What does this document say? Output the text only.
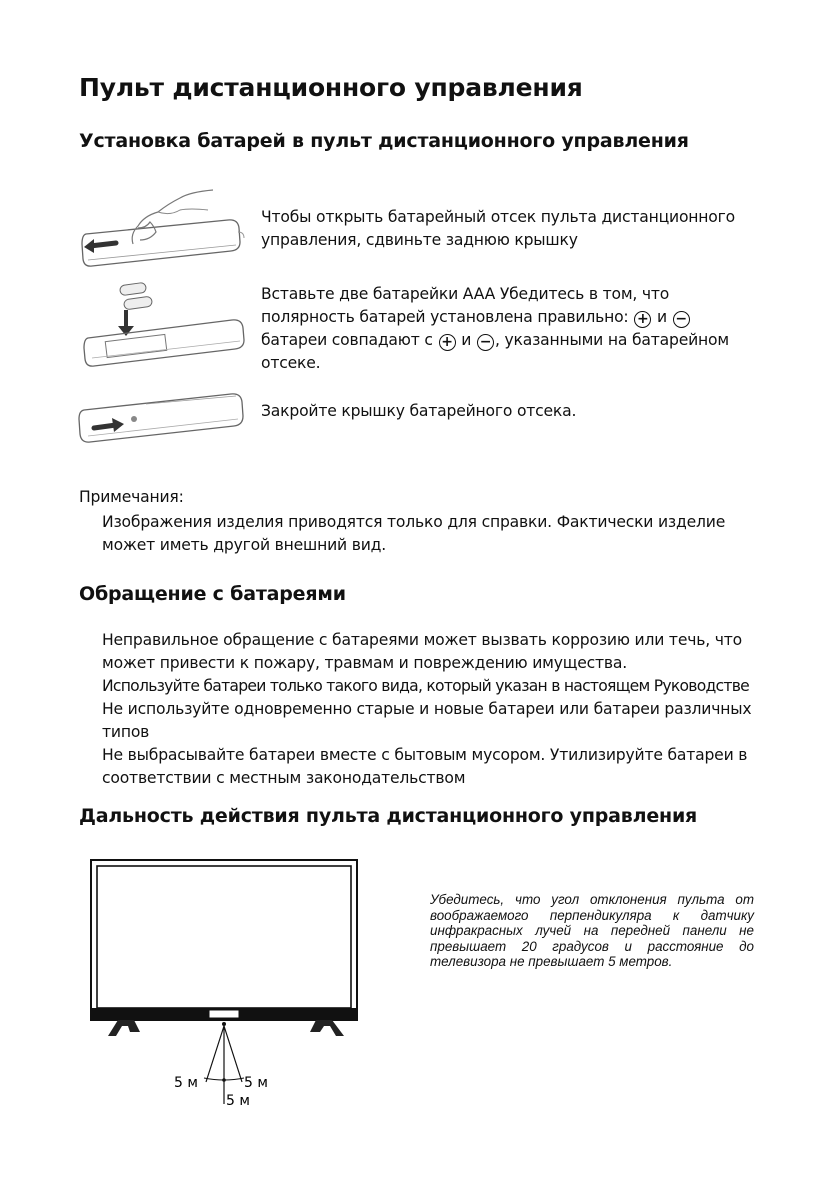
Пульт дистанционного управления
Установка батарей в пульт дистанционного управления
Чтобы открыть батарейный отсек пульта дистанционного управления, сдвиньте заднюю крышку
Вставьте две батарейки AAA Убедитесь в том, что полярность батарей установлена правильно: + и − батареи совпадают с + и − , указанными на батарейном отсеке.
Закройте крышку батарейного отсека.
Примечания:
Изображения изделия приводятся только для справки. Фактически изделие может иметь другой внешний вид.
Обращение с батареями
Неправильное обращение с батареями может вызвать коррозию или течь, что может привести к пожару, травмам и повреждению имущества.
Используйте батареи только такого вида, который указан в настоящем Руководстве
Не используйте одновременно старые и новые батареи или батареи различных типов
Не выбрасывайте батареи вместе с бытовым мусором. Утилизируйте батареи в соответствии с местным законодательством
Дальность действия пульта дистанционного управления
5 м	5 м
5 м
Убедитесь, что угол отклонения пульта от воображаемого перпендикуляра к датчику инфракрасных лучей на передней панели не превышает 20 градусов и расстояние до телевизора не превышает 5 метров.
